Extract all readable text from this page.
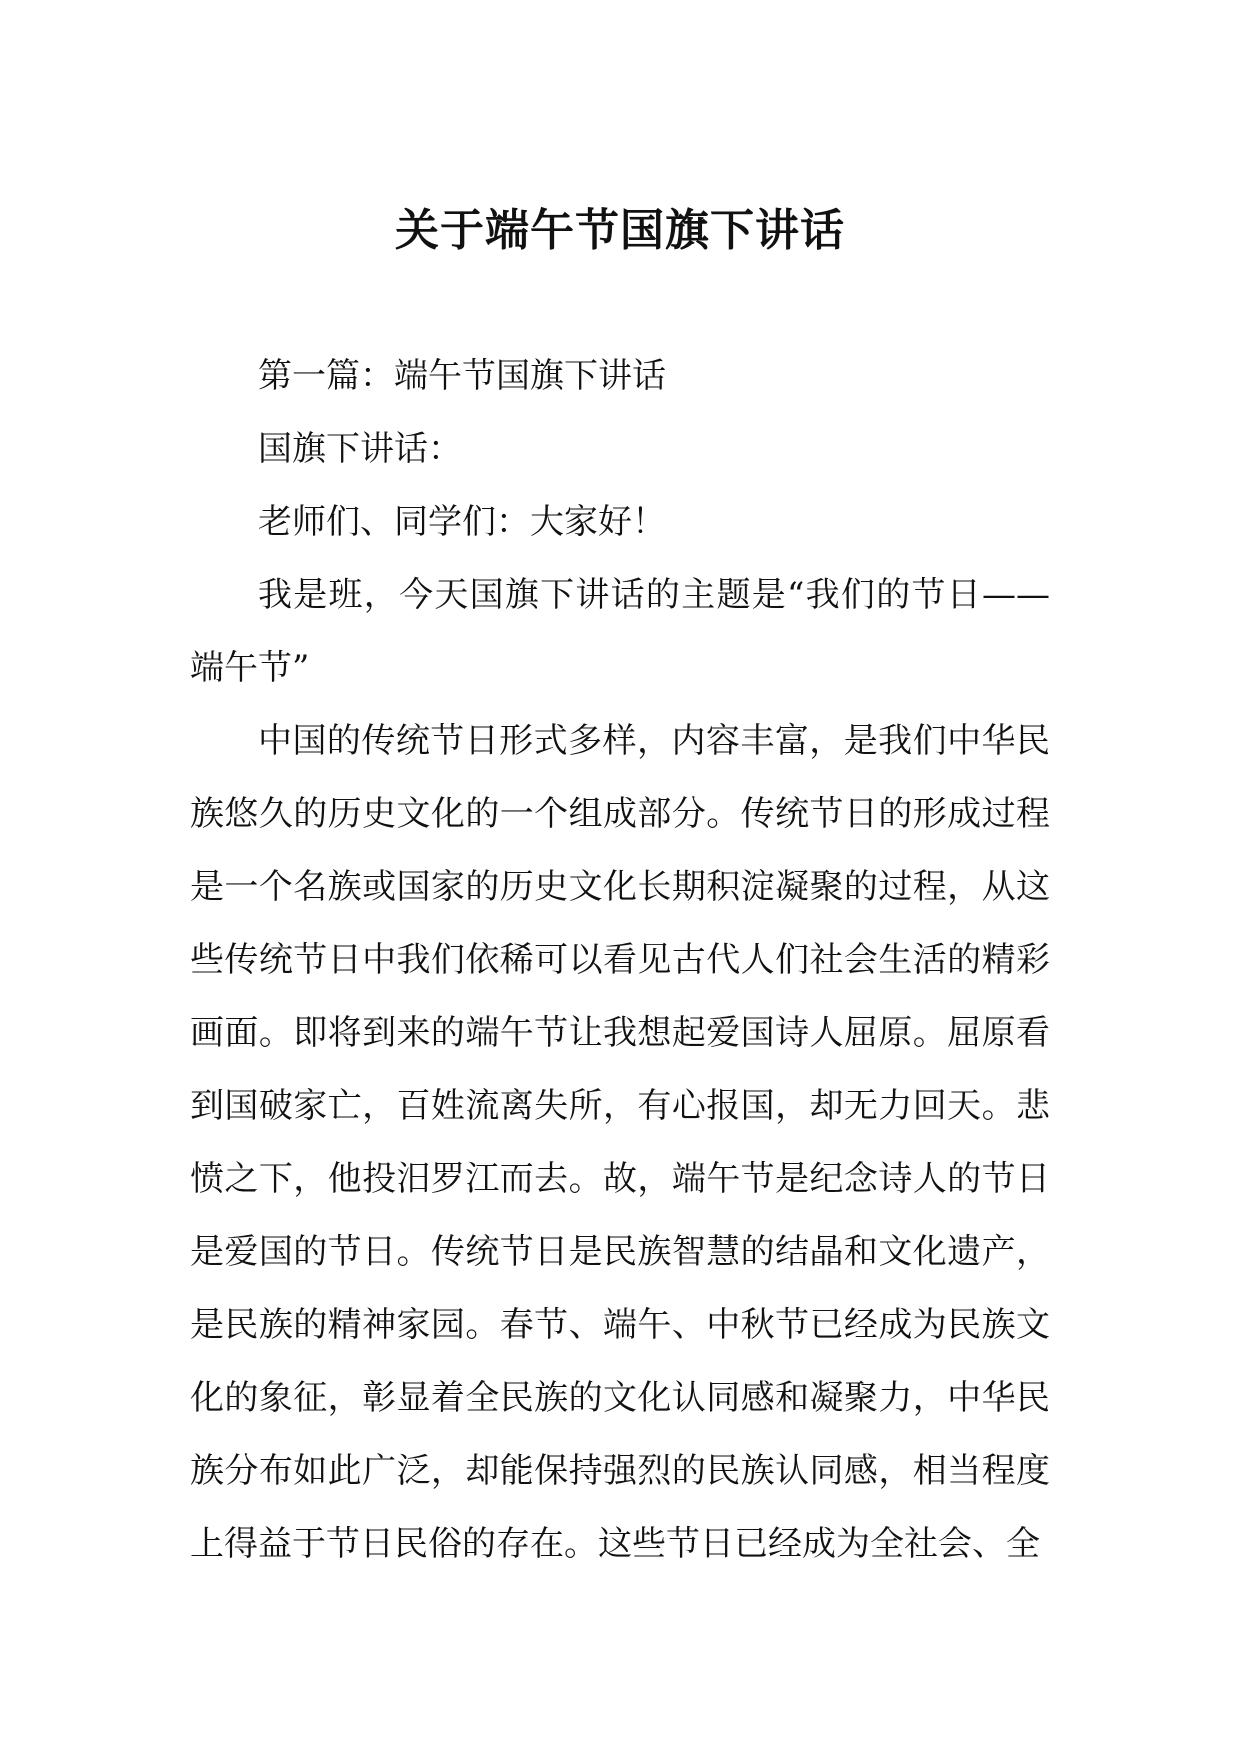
关于端午节国旗下讲话

第一篇：端午节国旗下讲话

国旗下讲话：

老师们、同学们：大家好！

我是班，今天国旗下讲话的主题是“我们的节日——端午节”

中国的传统节日形式多样，内容丰富，是我们中华民族悠久的历史文化的一个组成部分。传统节日的形成过程是一个名族或国家的历史文化长期积淀凝聚的过程，从这些传统节日中我们依稀可以看见古代人们社会生活的精彩画面。即将到来的端午节让我想起爱国诗人屈原。屈原看到国破家亡，百姓流离失所，有心报国，却无力回天。悲愤之下，他投汨罗江而去。故，端午节是纪念诗人的节日是爱国的节日。传统节日是民族智慧的结晶和文化遗产，是民族的精神家园。春节、端午、中秋节已经成为民族文化的象征，彰显着全民族的文化认同感和凝聚力，中华民族分布如此广泛，却能保持强烈的民族认同感，相当程度上得益于节日民俗的存在。这些节日已经成为全社会、全
